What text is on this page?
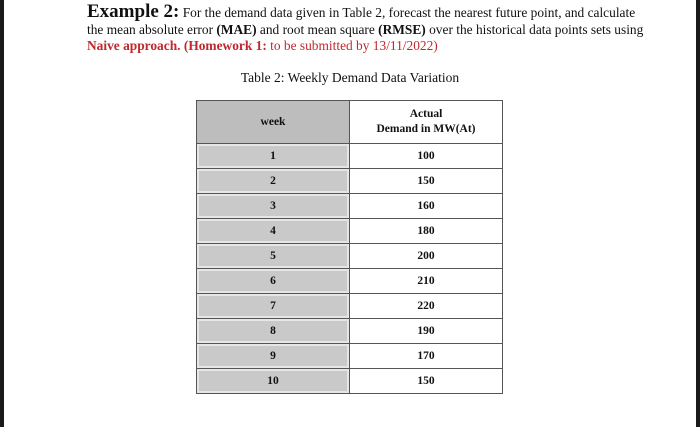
Example 2: For the demand data given in Table 2, forecast the nearest future point, and calculate the mean absolute error (MAE) and root mean square (RMSE) over the historical data points sets using Naive approach. (Homework 1: to be submitted by 13/11/2022)
Table 2: Weekly Demand Data Variation
week	Actual
Demand in MW(At)
1	100
2	150
3	160
4	180
5	200
6	210
7	220
8	190
9	170
10	150
